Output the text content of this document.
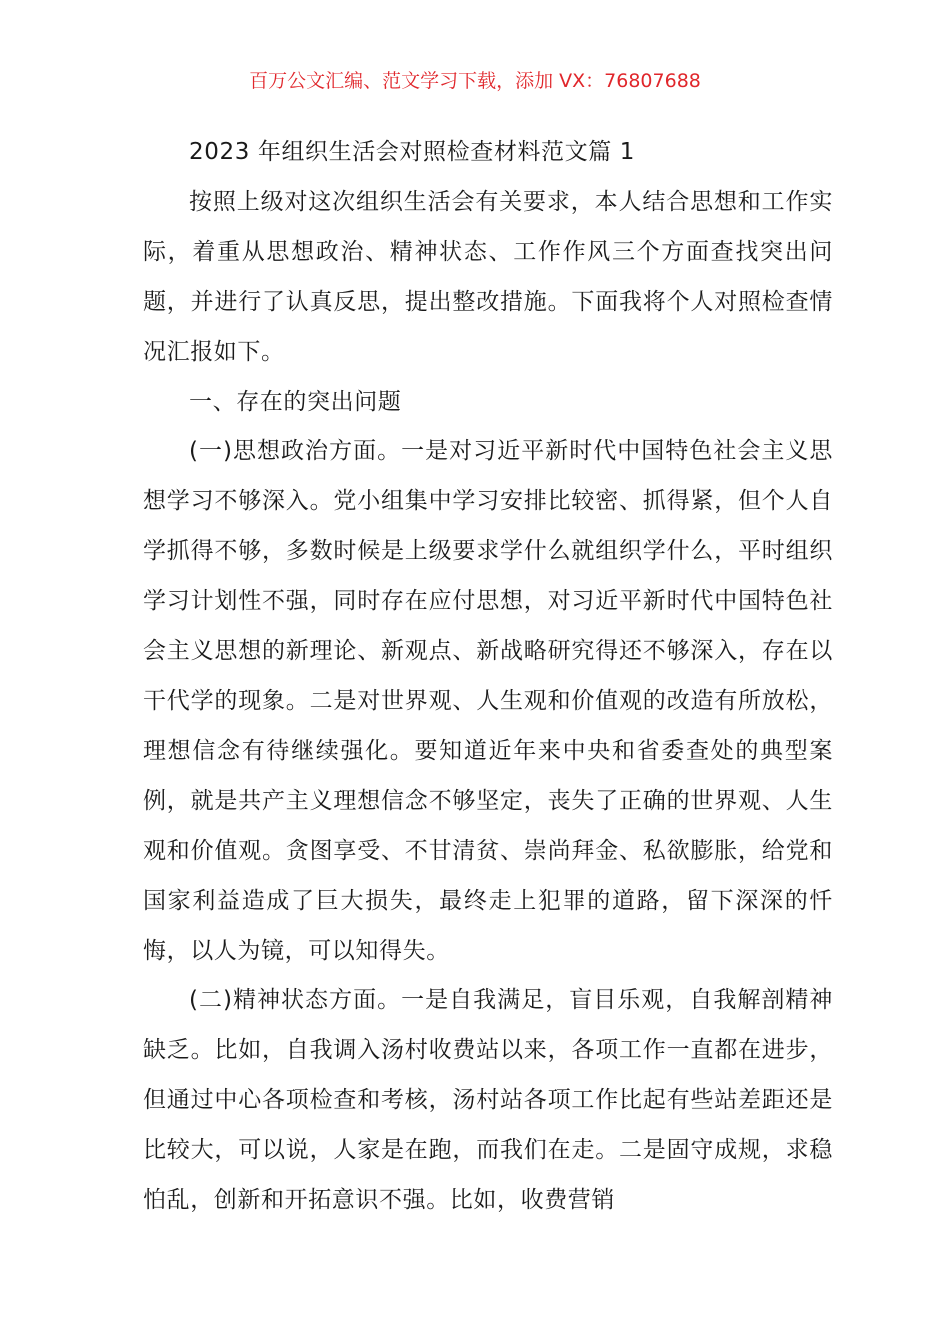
百万公文汇编、范文学习下载，添加 VX：76807688

2023 年组织生活会对照检查材料范文篇 1

按照上级对这次组织生活会有关要求，本人结合思想和工作实际，着重从思想政治、精神状态、工作作风三个方面查找突出问题，并进行了认真反思，提出整改措施。下面我将个人对照检查情况汇报如下。

一、存在的突出问题

(一)思想政治方面。一是对习近平新时代中国特色社会主义思想学习不够深入。党小组集中学习安排比较密、抓得紧，但个人自学抓得不够，多数时候是上级要求学什么就组织学什么，平时组织学习计划性不强，同时存在应付思想，对习近平新时代中国特色社会主义思想的新理论、新观点、新战略研究得还不够深入，存在以干代学的现象。二是对世界观、人生观和价值观的改造有所放松，理想信念有待继续强化。要知道近年来中央和省委查处的典型案例，就是共产主义理想信念不够坚定，丧失了正确的世界观、人生观和价值观。贪图享受、不甘清贫、崇尚拜金、私欲膨胀，给党和国家利益造成了巨大损失，最终走上犯罪的道路，留下深深的忏悔，以人为镜，可以知得失。

(二)精神状态方面。一是自我满足，盲目乐观，自我解剖精神缺乏。比如，自我调入汤村收费站以来，各项工作一直都在进步，但通过中心各项检查和考核，汤村站各项工作比起有些站差距还是比较大，可以说，人家是在跑，而我们在走。二是固守成规，求稳怕乱，创新和开拓意识不强。比如，收费营销
